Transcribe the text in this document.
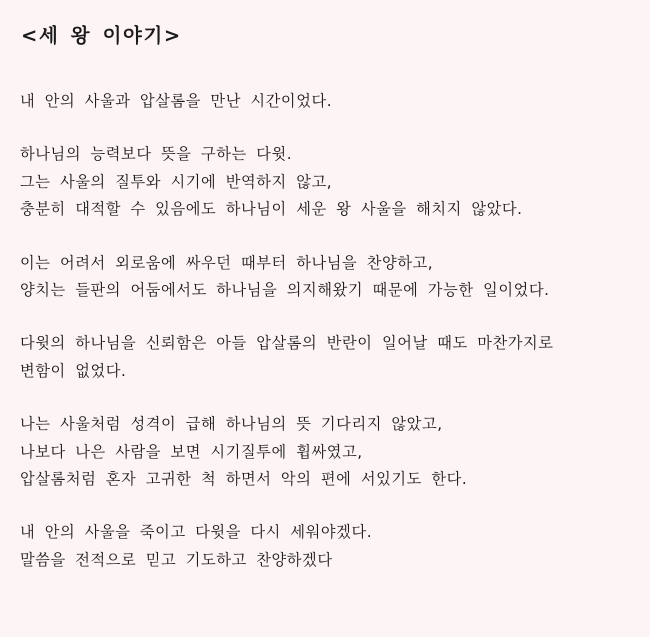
<세 왕 이야기>
내 안의 사울과 압살롬을 만난 시간이었다.
하나님의 능력보다 뜻을 구하는 다윗.
그는 사울의 질투와 시기에 반역하지 않고,
충분히 대적할 수 있음에도 하나님이 세운 왕 사울을 해치지 않았다.
이는 어려서 외로움에 싸우던 때부터 하나님을 찬양하고,
양치는 들판의 어둠에서도 하나님을 의지해왔기 때문에 가능한 일이었다.
다윗의 하나님을 신뢰함은 아들 압살롬의 반란이 일어날 때도 마찬가지로
변함이 없었다.
나는 사울처럼 성격이 급해 하나님의 뜻 기다리지 않았고,
나보다 나은 사람을 보면 시기질투에 휩싸였고,
압살롬처럼 혼자 고귀한 척 하면서 악의 편에 서있기도 한다.
내 안의 사울을 죽이고 다윗을 다시 세워야겠다.
말씀을 전적으로 믿고 기도하고 찬양하겠다
